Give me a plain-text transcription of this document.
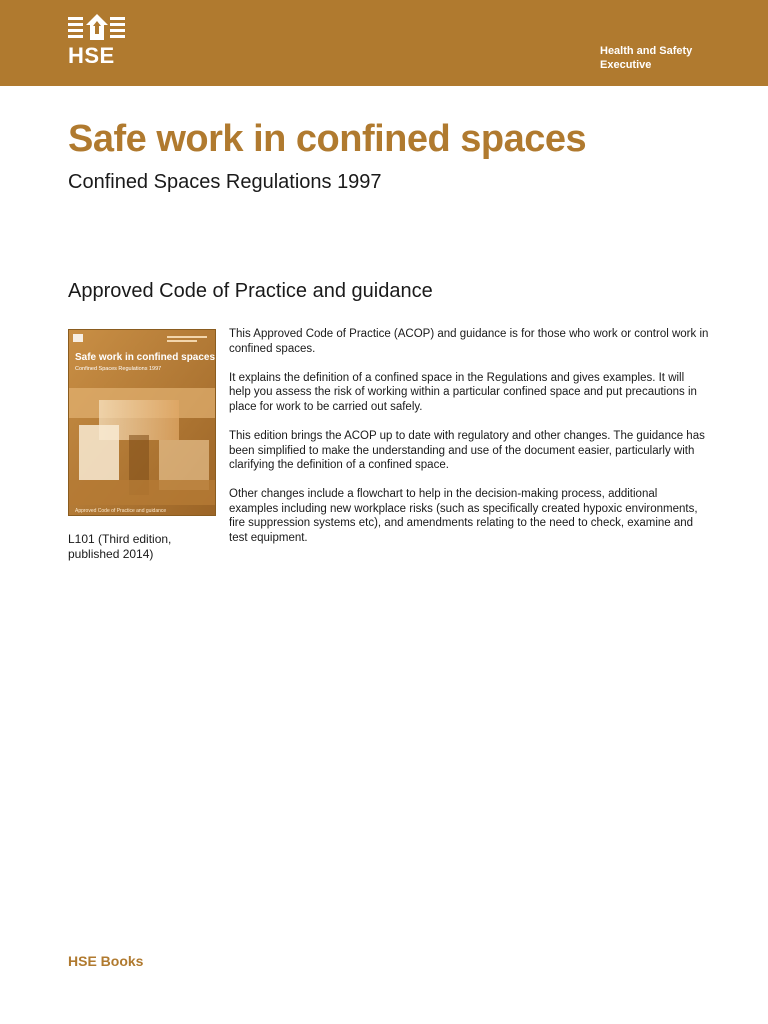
HSE	Health and Safety
Executive
Safe work in confined spaces
Confined Spaces Regulations 1997
Approved Code of Practice and guidance
Safe work in confined spaces
Confined Spaces Regulations 1997
Approved Code of Practice and guidance
L101 (Third edition,
published 2014)

This Approved Code of Practice (ACOP) and guidance is for those who work or control work in confined spaces.

It explains the definition of a confined space in the Regulations and gives examples. It will help you assess the risk of working within a particular confined space and put precautions in place for work to be carried out safely.

This edition brings the ACOP up to date with regulatory and other changes. The guidance has been simplified to make the understanding and use of the document easier, particularly with clarifying the definition of a confined space.

Other changes include a flowchart to help in the decision-making process, additional examples including new workplace risks (such as specifically created hypoxic environments, fire suppression systems etc), and amendments relating to the need to check, examine and test equipment.

HSE Books
